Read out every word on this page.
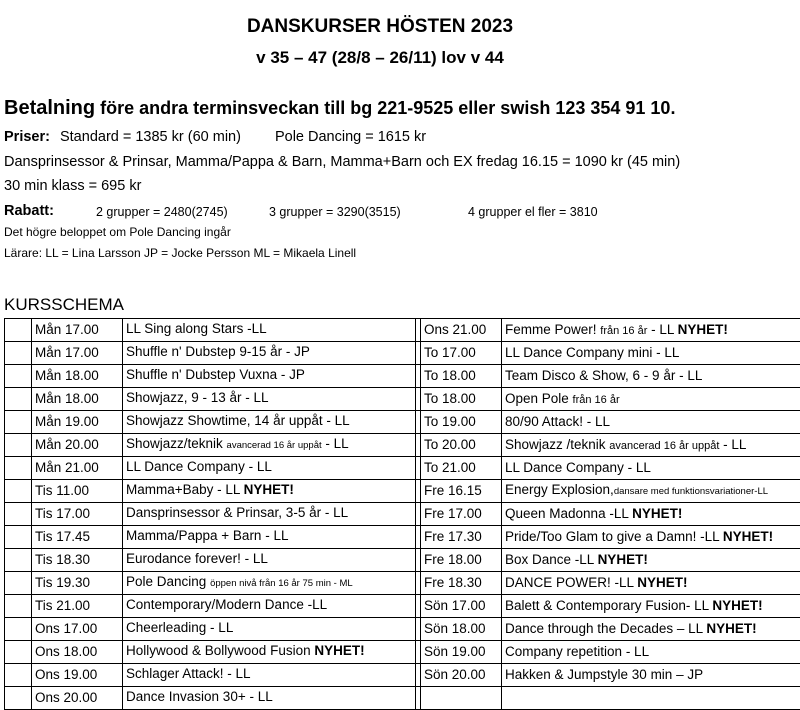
DANSKURSER HÖSTEN 2023
v 35 – 47 (28/8 – 26/11) lov v 44
Betalning före andra terminsveckan till bg 221-9525 eller swish 123 354 91 10.
Priser: Standard = 1385 kr (60 min) Pole Dancing = 1615 kr
Dansprinsessor & Prinsar, Mamma/Pappa & Barn, Mamma+Barn och EX fredag 16.15 = 1090 kr (45 min)
30 min klass = 695 kr
Rabatt:	2 grupper = 2480(2745)	3 grupper = 3290(3515)	4 grupper el fler = 3810
Det högre beloppet om Pole Dancing ingår
Lärare: LL = Lina Larsson JP = Jocke Persson ML = Mikaela Linell
KURSSCHEMA
	Mån 17.00	LL Sing along Stars -LL		Ons 21.00	Femme Power! från 16 år - LL NYHET!
	Mån 17.00	Shuffle n' Dubstep 9-15 år - JP		To 17.00	LL Dance Company mini - LL
	Mån 18.00	Shuffle n' Dubstep Vuxna - JP		To 18.00	Team Disco & Show, 6 - 9 år - LL
	Mån 18.00	Showjazz, 9 - 13 år - LL		To 18.00	Open Pole från 16 år
	Mån 19.00	Showjazz Showtime, 14 år uppåt - LL		To 19.00	80/90 Attack! - LL
	Mån 20.00	Showjazz/teknik avancerad 16 år uppåt - LL		To 20.00	Showjazz /teknik avancerad 16 år uppåt - LL
	Mån 21.00	LL Dance Company - LL		To 21.00	LL Dance Company - LL
	Tis 11.00	Mamma+Baby - LL NYHET!		Fre 16.15	Energy Explosion,dansare med funktionsvariationer-LL
	Tis 17.00	Dansprinsessor & Prinsar, 3-5 år - LL		Fre 17.00	Queen Madonna -LL NYHET!
	Tis 17.45	Mamma/Pappa + Barn - LL		Fre 17.30	Pride/Too Glam to give a Damn! -LL NYHET!
	Tis 18.30	Eurodance forever! - LL		Fre 18.00	Box Dance -LL NYHET!
	Tis 19.30	Pole Dancing öppen nivå från 16 år 75 min - ML		Fre 18.30	DANCE POWER! -LL NYHET!
	Tis 21.00	Contemporary/Modern Dance -LL		Sön 17.00	Balett & Contemporary Fusion- LL NYHET!
	Ons 17.00	Cheerleading - LL		Sön 18.00	Dance through the Decades – LL NYHET!
	Ons 18.00	Hollywood & Bollywood Fusion NYHET!		Sön 19.00	Company repetition - LL
	Ons 19.00	Schlager Attack! - LL		Sön 20.00	Hakken & Jumpstyle 30 min – JP
	Ons 20.00	Dance Invasion 30+ - LL			
